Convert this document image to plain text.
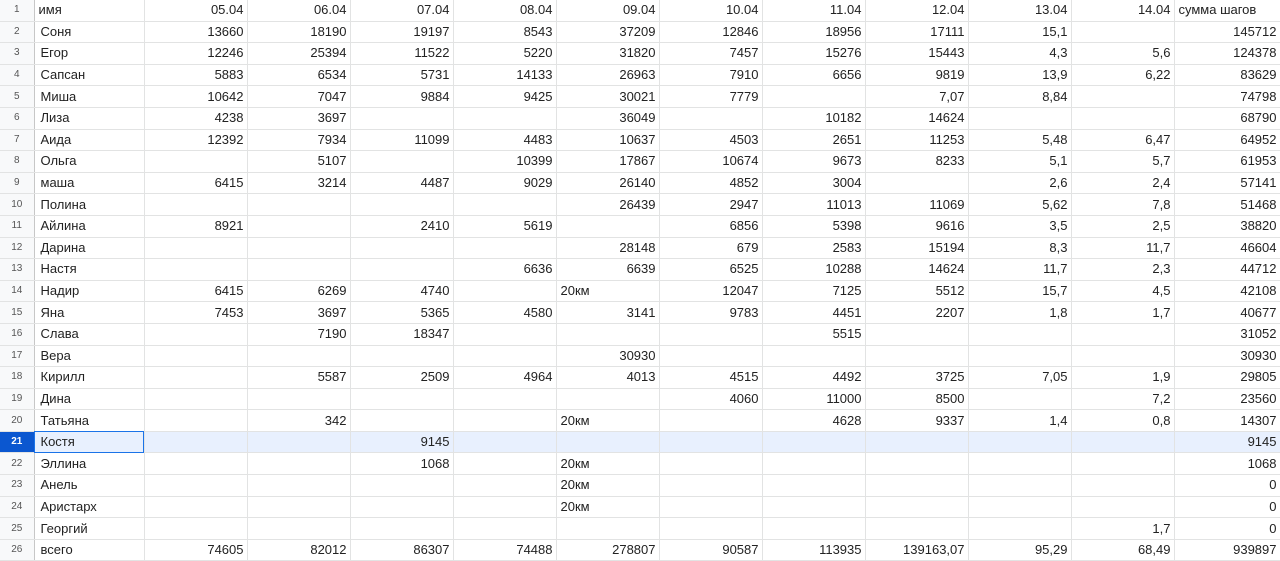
1	имя	05.04	06.04	07.04	08.04	09.04	10.04	11.04	12.04	13.04	14.04	сумма шагов
2	Соня	13660	18190	19197	8543	37209	12846	18956	17111	15,1		145712
3	Егор	12246	25394	11522	5220	31820	7457	15276	15443	4,3	5,6	124378
4	Сапсан	5883	6534	5731	14133	26963	7910	6656	9819	13,9	6,22	83629
5	Миша	10642	7047	9884	9425	30021	7779		7,07	8,84		74798
6	Лиза	4238	3697			36049		10182	14624			68790
7	Аида	12392	7934	11099	4483	10637	4503	2651	11253	5,48	6,47	64952
8	Ольга		5107		10399	17867	10674	9673	8233	5,1	5,7	61953
9	маша	6415	3214	4487	9029	26140	4852	3004		2,6	2,4	57141
10	Полина					26439	2947	11013	11069	5,62	7,8	51468
11	Айлина	8921		2410	5619		6856	5398	9616	3,5	2,5	38820
12	Дарина					28148	679	2583	15194	8,3	11,7	46604
13	Настя				6636	6639	6525	10288	14624	11,7	2,3	44712
14	Надир	6415	6269	4740		20км	12047	7125	5512	15,7	4,5	42108
15	Яна	7453	3697	5365	4580	3141	9783	4451	2207	1,8	1,7	40677
16	Слава		7190	18347				5515				31052
17	Вера					30930						30930
18	Кирилл		5587	2509	4964	4013	4515	4492	3725	7,05	1,9	29805
19	Дина						4060	11000	8500		7,2	23560
20	Татьяна		342			20км		4628	9337	1,4	0,8	14307
21	Костя			9145								9145
22	Эллина			1068		20км						1068
23	Анель					20км						0
24	Аристарх					20км						0
25	Георгий										1,7	0
26	всего	74605	82012	86307	74488	278807	90587	113935	139163,07	95,29	68,49	939897
